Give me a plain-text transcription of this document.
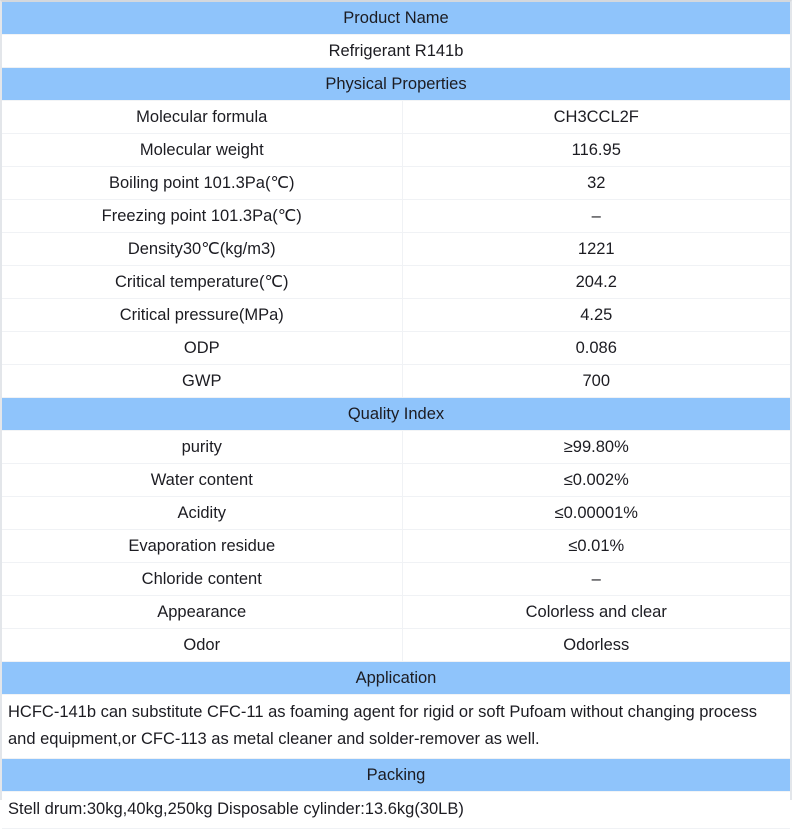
Product Name	
Refrigerant R141b	
Physical Properties	
Molecular formula	CH3CCL2F
Molecular weight	116.95
Boiling point 101.3Pa(℃)	32
Freezing point 101.3Pa(℃)	–
Density30℃(kg/m3)	1221
Critical temperature(℃)	204.2
Critical pressure(MPa)	4.25
ODP	0.086
GWP	700
Quality Index	
purity	≥99.80%
Water content	≤0.002%
Acidity	≤0.00001%
Evaporation residue	≤0.01%
Chloride content	–
Appearance	Colorless and clear
Odor	Odorless
Application	

HCFC-141b can substitute CFC-11 as foaming agent for rigid or soft Pufoam without changing process and equipment,or CFC-113 as metal cleaner and solder-remover as well.	

Packing	

Stell drum:30kg,40kg,250kg Disposable cylinder:13.6kg(30LB)	
